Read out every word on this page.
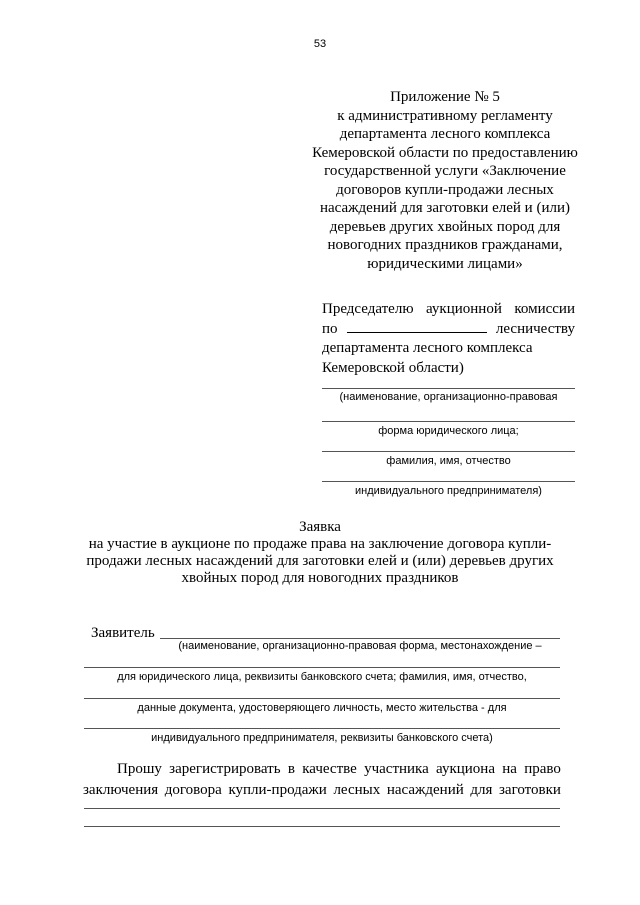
53
Приложение № 5
к административному регламенту
департамента лесного комплекса
Кемеровской области по предоставлению
государственной услуги «Заключение
договоров купли-продажи лесных
насаждений для заготовки елей и (или)
деревьев других хвойных пород для
новогодних праздников гражданами,
юридическими лицами»
Председателю аукционной комиссии
по	лесничеству
департамента лесного комплекса
Кемеровской области)
(наименование, организационно-правовая
форма юридического лица;
фамилия, имя, отчество
индивидуального предпринимателя)
Заявка
на участие в аукционе по продаже права на заключение договора купли-
продажи лесных насаждений для заготовки елей и (или) деревьев других
хвойных пород для новогодних праздников
Заявитель
(наименование, организационно-правовая форма, местонахождение –
для юридического лица, реквизиты банковского счета; фамилия, имя, отчество,
данные документа, удостоверяющего личность, место жительства - для
индивидуального предпринимателя, реквизиты банковского счета)
Прошу зарегистрировать в качестве участника аукциона на право
заключения договора купли-продажи лесных насаждений для заготовки
